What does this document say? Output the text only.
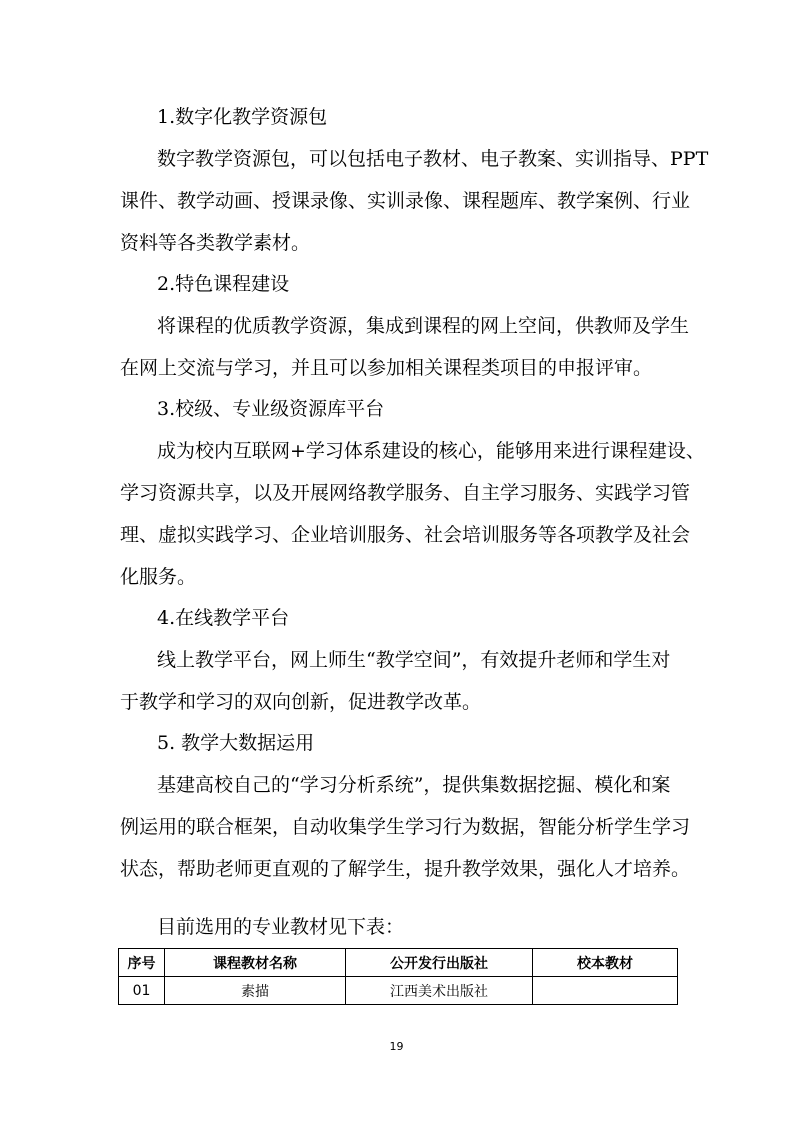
1.数字化教学资源包
数字教学资源包，可以包括电子教材、电子教案、实训指导、PPT
课件、教学动画、授课录像、实训录像、课程题库、教学案例、行业
资料等各类教学素材。
2.特色课程建设
将课程的优质教学资源，集成到课程的网上空间，供教师及学生
在网上交流与学习，并且可以参加相关课程类项目的申报评审。
3.校级、专业级资源库平台
成为校内互联网+学习体系建设的核心，能够用来进行课程建设、
学习资源共享，以及开展网络教学服务、自主学习服务、实践学习管
理、虚拟实践学习、企业培训服务、社会培训服务等各项教学及社会
化服务。
4.在线教学平台
线上教学平台，网上师生“教学空间”，有效提升老师和学生对
于教学和学习的双向创新，促进教学改革。
5. 教学大数据运用
基建高校自己的“学习分析系统”，提供集数据挖掘、模化和案
例运用的联合框架，自动收集学生学习行为数据，智能分析学生学习
状态，帮助老师更直观的了解学生，提升教学效果，强化人才培养。
目前选用的专业教材见下表：
序号	课程教材名称	公开发行出版社	校本教材
01	素描	江西美术出版社	
19
